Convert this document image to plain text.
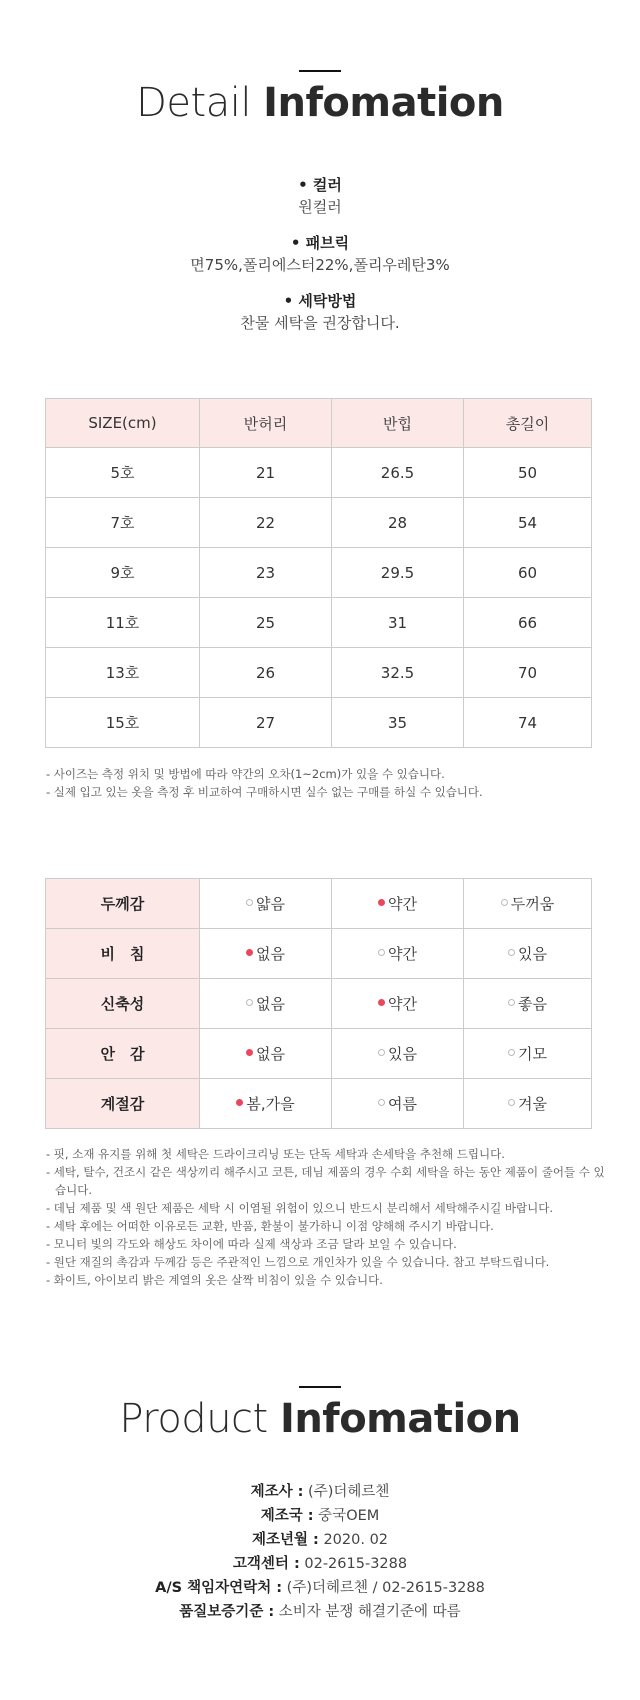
Detail Infomation
• 컬러
원컬러
• 패브릭
면75%,폴리에스터22%,폴리우레탄3%
• 세탁방법
찬물 세탁을 권장합니다.
SIZE(cm)	반허리	반힙	총길이
5호	21	26.5	50
7호	22	28	54
9호	23	29.5	60
11호	25	31	66
13호	26	32.5	70
15호	27	35	74
- 사이즈는 측정 위치 및 방법에 따라 약간의 오차(1~2cm)가 있을 수 있습니다.
- 실제 입고 있는 옷을 측정 후 비교하여 구매하시면 실수 없는 구매를 하실 수 있습니다.
두께감	얇음	약간	두꺼움
비　침	없음	약간	있음
신축성	없음	약간	좋음
안　감	없음	있음	기모
계절감	봄,가을	여름	겨울
- 핏, 소재 유지를 위해 첫 세탁은 드라이크리닝 또는 단독 세탁과 손세탁을 추천해 드립니다.
- 세탁, 탈수, 건조시 같은 색상끼리 해주시고 코튼, 데님 제품의 경우 수회 세탁을 하는 동안 제품이 줄어들 수 있습니다.
- 데님 제품 및 색 원단 제품은 세탁 시 이염될 위험이 있으니 반드시 분리해서 세탁해주시길 바랍니다.
- 세탁 후에는 어떠한 이유로든 교환, 반품, 환불이 불가하니 이점 양해해 주시기 바랍니다.
- 모니터 빛의 각도와 해상도 차이에 따라 실제 색상과 조금 달라 보일 수 있습니다.
- 원단 재질의 촉감과 두께감 등은 주관적인 느낌으로 개인차가 있을 수 있습니다. 참고 부탁드립니다.
- 화이트, 아이보리 밝은 계열의 옷은 살짝 비침이 있을 수 있습니다.
Product Infomation
제조사 : (주)더헤르첸
제조국 : 중국OEM
제조년월 : 2020. 02
고객센터 : 02-2615-3288
A/S 책임자연락처 : (주)더헤르첸 / 02-2615-3288
품질보증기준 : 소비자 분쟁 해결기준에 따름
